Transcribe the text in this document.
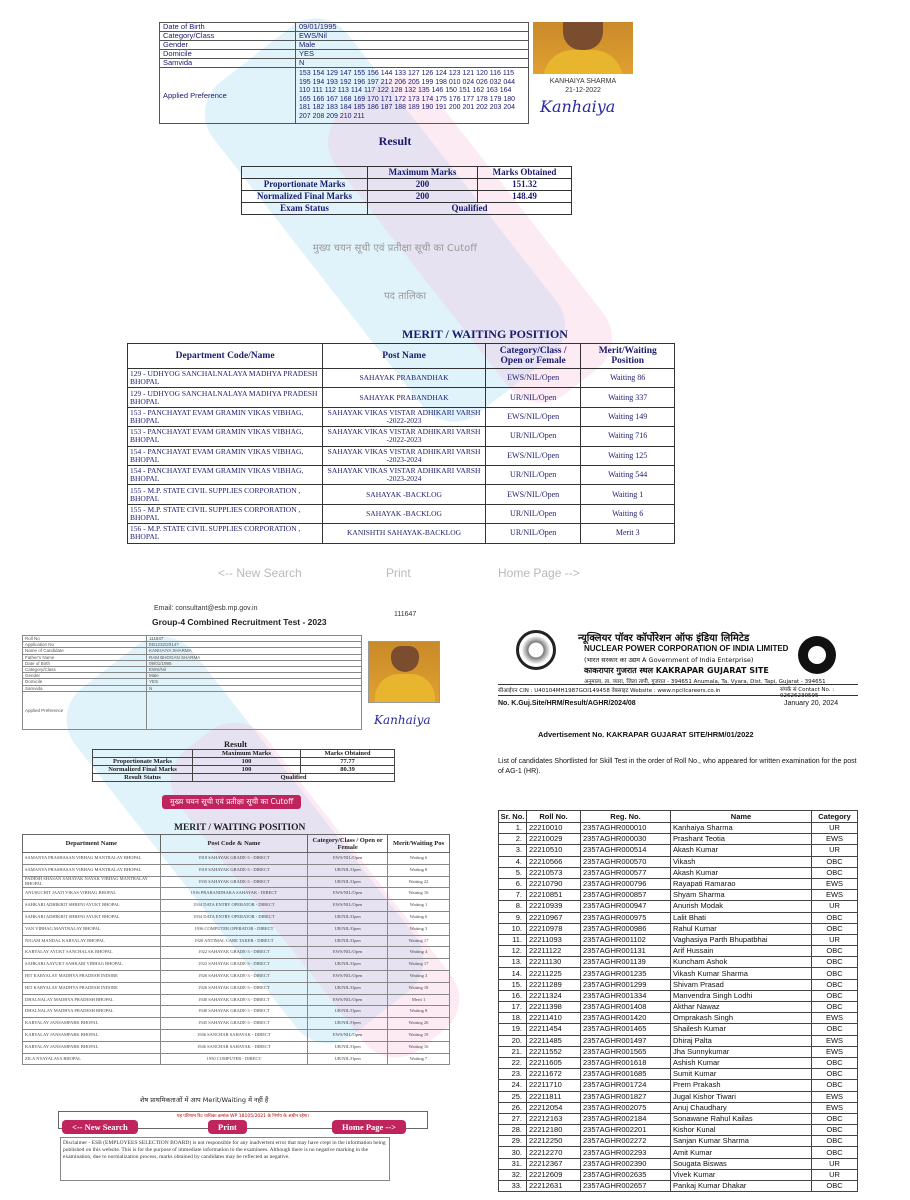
Date of Birth	09/01/1995
Category/Class	EWS/Nil
Gender	Male
Domicile	YES
Samvida	N
Applied Preference	153 154 129 147 155 156 144 133 127 126 124 123 121 120 116 115 195 194 193 192 196 197 212 206 205 199 198 010 024 026 032 044 110 111 112 113 114 117 122 128 132 135 146 150 151 162 163 164 165 166 167 168 169 170 171 172 173 174 175 176 177 178 179 180 181 182 183 184 185 186 187 188 189 190 191 200 201 202 203 204 207 208 209 210 211
KANHAIYA SHARMA
21-12-2022
Kanhaiya
Result
	Maximum Marks	Marks Obtained
Proportionate Marks	200	151.32
Normalized Final Marks	200	148.49
Exam Status	Qualified	
मुख्य चयन सूची एवं प्रतीक्षा सूची का Cutoff
पद तालिका
MERIT / WAITING POSITION
Department Code/Name	Post Name	Category/Class / Open or Female	Merit/Waiting Position
129 - UDHYOG SANCHALNALAYA MADHYA PRADESH BHOPAL	SAHAYAK PRABANDHAK	EWS/NIL/Open	Waiting 86
129 - UDHYOG SANCHALNALAYA MADHYA PRADESH BHOPAL	SAHAYAK PRABANDHAK	UR/NIL/Open	Waiting 337
153 - PANCHAYAT EVAM GRAMIN VIKAS VIBHAG, BHOPAL	SAHAYAK VIKAS VISTAR ADHIKARI VARSH -2022-2023	EWS/NIL/Open	Waiting 149
153 - PANCHAYAT EVAM GRAMIN VIKAS VIBHAG, BHOPAL	SAHAYAK VIKAS VISTAR ADHIKARI VARSH -2022-2023	UR/NIL/Open	Waiting 716
154 - PANCHAYAT EVAM GRAMIN VIKAS VIBHAG, BHOPAL	SAHAYAK VIKAS VISTAR ADHIKARI VARSH -2023-2024	EWS/NIL/Open	Waiting 125
154 - PANCHAYAT EVAM GRAMIN VIKAS VIBHAG, BHOPAL	SAHAYAK VIKAS VISTAR ADHIKARI VARSH -2023-2024	UR/NIL/Open	Waiting 544
155 - M.P. STATE CIVIL SUPPLIES CORPORATION , BHOPAL	SAHAYAK -BACKLOG	EWS/NIL/Open	Waiting 1
155 - M.P. STATE CIVIL SUPPLIES CORPORATION , BHOPAL	SAHAYAK -BACKLOG	UR/NIL/Open	Waiting 6
156 - M.P. STATE CIVIL SUPPLIES CORPORATION , BHOPAL	KANISHTH SAHAYAK-BACKLOG	UR/NIL/Open	Merit 3
<-- New Search	Print	Home Page -->
Email: consultant@esb.mp.gov.in
111647
Group-4 Combined Recruitment Test - 2023
Roll No	111647
Application No	EB1232/2014?
Name of Candidate	KANHAIYA SHARMA
Father's Name	RAM BHOGAN SHARMA
Date of Birth	09/01/1995
Category/Class	EWS/Nil
Gender	Male
Domicile	YES
Samvida	N
Applied Preference	
Kanhaiya
Result
	Maximum Marks	Marks Obtained
Proportionate Marks	100	77.77
Normalized Final Marks	100	80.39
Result Status	Qualified	
मुख्य चयन सूची एवं प्रतीक्षा सूची का Cutoff
MERIT / WAITING POSITION
Department Name	Post Code & Name	Category/Class / Open or Female	Merit/Waiting Pos
SAMANYA PRASHASAN VIBHAG MANTRALAY BHOPAL	1918 SAHAYAK GRADE-3 - DIRECT	EWS/NIL/Open	Waiting 6
SAMANYA PRASHASAN VIBHAG MANTRALAY BHOPAL	1918 SAHAYAK GRADE-3 - DIRECT	UR/NIL/Open	Waiting 8
PADESH SHASAN SAHAYAK NAYAK VIBHAG MANTRALAY BHOPAL	1935 SAHAYAK GRADE-3 - DIRECT	UR/NIL/Open	Waiting 22
ANUSUCHIT JAATI VIKAS VIBHAG BHOPAL	1916 PRABANDHAKA SAHAYAK - DIRECT	EWS/NIL/Open	Waiting 16
SAHKARI ADHIKRIT SHRENI AYUKT BHOPAL	1934 DATA ENTRY OPERATOR - DIRECT	EWS/NIL/Open	Waiting 1
SAHKARI ADHIKRIT SHRENI AYUKT BHOPAL	1934 DATA ENTRY OPERATOR - DIRECT	UR/NIL/Open	Waiting 6
VAN VIBHAG MANTRALAY BHOPAL	1936 COMPUTER OPERATOR - DIRECT	UR/NIL/Open	Waiting 3
NIGAM MANDAL KARYALAY BHOPAL	1920 ANTIMAL CARE TAKER - DIRECT	UR/NIL/Open	Waiting 17
KARYALAY AYUKT SANCHALAK BHOPAL	1922 SAHAYAK GRADE-3 - DIRECT	EWS/NIL/Open	Waiting 4
SAHKARI AAYUKT SAHKARI VIBHAG BHOPAL	1923 SAHAYAK GRADE-3 - DIRECT	UR/NIL/Open	Waiting 17
HIT KARYALAY MADHYA PRADESH INDORE	1926 SAHAYAK GRADE-3 - DIRECT	EWS/NIL/Open	Waiting 3
HIT KARYALAY MADHYA PRADESH INDORE	1926 SAHAYAK GRADE-3 - DIRECT	UR/NIL/Open	Waiting 18
DHALNALAY MADHYA PRADESH BHOPAL	1940 SAHAYAK GRADE-3 - DIRECT	EWS/NIL/Open	Merit 1
DHALNALAY MADHYA PRADESH BHOPAL	1940 SAHAYAK GRADE-3 - DIRECT	UR/NIL/Open	Waiting 8
KARYALAY JANSAMPARK BHOPAL	1945 SAHAYAK GRADE-3 - DIRECT	UR/NIL/Open	Waiting 26
KARYALAY JANSAMPARK BHOPAL	1946 SANCHAR SAHAYAK - DIRECT	EWS/NIL/Open	Waiting 19
KARYALAY JANSAMPARK BHOPAL	1946 SANCHAR SAHAYAK - DIRECT	UR/NIL/Open	Waiting 16
ZILA NYAYALAYA BHOPAL	1950 COMPUTER - DIRECT	UR/NIL/Open	Waiting 7
शेष प्राथमिकताओं में आप Merit/Waiting में नहीं हैं
यह परिणाम रिट याचिका क्रमांक WP 18105/2021 के निर्णय के अधीन रहेगा।
<-- New Search	Print	Home Page -->
Disclaimer - ESB (EMPLOYEES SELECTION BOARD) is not responsible for any inadvertent error that may have crept in the information being published on this website. This is for the purpose of immediate information to the examinees. Although there is no negative marking in the examination, due to normalization process, marks obtained by candidates may be reflected as negative.
न्यूक्लियर पॉवर कॉर्पोरेशन ऑफ इंडिया लिमिटेड
NUCLEAR POWER CORPORATION OF INDIA LIMITED
(भारत सरकार का उद्यम A Government of India Enterprise)
काकरापार गुजरात स्थल KAKRAPAR GUJARAT SITE
अनुमाला, ता. व्यारा, जिला तापी, गुजरात - 394651 Anumala, Ta. Vyara, Dist. Tapi, Gujarat - 394651
सीआईएन CIN : U40104MH1987GOI149458 वेबसाइट Website : www.npcilcareers.co.in	संपर्क सं Contact No. : 02626230595
No. K.Guj.Site/HRM/Result/AGHR/2024/08	January 20, 2024
Advertisement No. KAKRAPAR GUJARAT SITE/HRM/01/2022
List of candidates Shortlisted for Skill Test in the order of Roll No., who appeared for written examination for the post of AG-1 (HR).
Sr. No.	Roll No.	Reg. No.	Name	Category
1.	22210010	2357AGHR000010	Kanhaiya Sharma	UR
2.	22210029	2357AGHR000030	Prashant Teotia	EWS
3.	22210510	2357AGHR000514	Akash Kumar	UR
4.	22210566	2357AGHR000570	Vikash	OBC
5.	22210573	2357AGHR000577	Akash Kumar	OBC
6.	22210790	2357AGHR000796	Rayapati Ramarao	EWS
7.	22210851	2357AGHR000857	Shyam Sharma	EWS
8.	22210939	2357AGHR000947	Anurish Modak	UR
9.	22210967	2357AGHR000975	Lalit Bhati	OBC
10.	22210978	2357AGHR000986	Rahul Kumar	OBC
11.	22211093	2357AGHR001102	Vaghasiya Parth Bhupatbhai	UR
12.	22211122	2357AGHR001131	Arif Hussain	OBC
13.	22211130	2357AGHR001139	Kuncham Ashok	OBC
14.	22211225	2357AGHR001235	Vikash Kumar Sharma	OBC
15.	22211289	2357AGHR001299	Shivam Prasad	OBC
16.	22211324	2357AGHR001334	Manvendra Singh Lodhi	OBC
17.	22211398	2357AGHR001408	Akthar Nawaz	OBC
18.	22211410	2357AGHR001420	Omprakash Singh	EWS
19.	22211454	2357AGHR001465	Shailesh Kumar	OBC
20.	22211485	2357AGHR001497	Dhiraj Palta	EWS
21.	22211552	2357AGHR001565	Jha Sunnykumar	EWS
22.	22211605	2357AGHR001618	Ashish Kumar	OBC
23.	22211672	2357AGHR001685	Sumit Kumar	OBC
24.	22211710	2357AGHR001724	Prem Prakash	OBC
25.	22211811	2357AGHR001827	Jugal Kishor Tiwari	EWS
26.	22212054	2357AGHR002075	Anuj Chaudhary	EWS
27.	22212163	2357AGHR002184	Sonawane Rahul Kailas	OBC
28.	22212180	2357AGHR002201	Kishor Kunal	OBC
29.	22212250	2357AGHR002272	Sanjan Kumar Sharma	OBC
30.	22212270	2357AGHR002293	Amit Kumar	OBC
31.	22212367	2357AGHR002390	Sougata Biswas	UR
32.	22212609	2357AGHR002635	Vivek Kumar	UR
33.	22212631	2357AGHR002657	Pankaj Kumar Dhakar	OBC
